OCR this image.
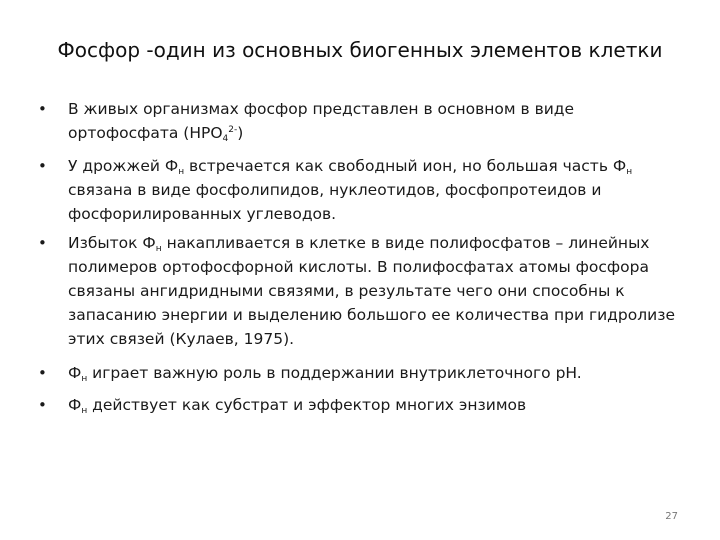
Фосфор -один из основных биогенных элементов клетки
• В живых организмах фосфор представлен в основном в виде ортофосфата $(HPO_4^{2-})$
• У дрожжей $Ф_н$ встречается как свободный ион, но большая часть $Ф_н$ связана в виде фосфолипидов, нуклеотидов, фосфопротеидов и фосфорилированных углеводов.
• Избыток $Ф_н$ накапливается в клетке в виде полифосфатов – линейных полимеров ортофосфорной кислоты. В полифосфатах атомы фосфора связаны ангидридными связями, в результате чего они способны к запасанию энергии и выделению большого ее количества при гидролизе этих связей (Кулаев, 1975).
• $Ф_н$ играет важную роль в поддержании внутриклеточного pH.
• $Ф_н$ действует как субстрат и эффектор многих энзимов
27
